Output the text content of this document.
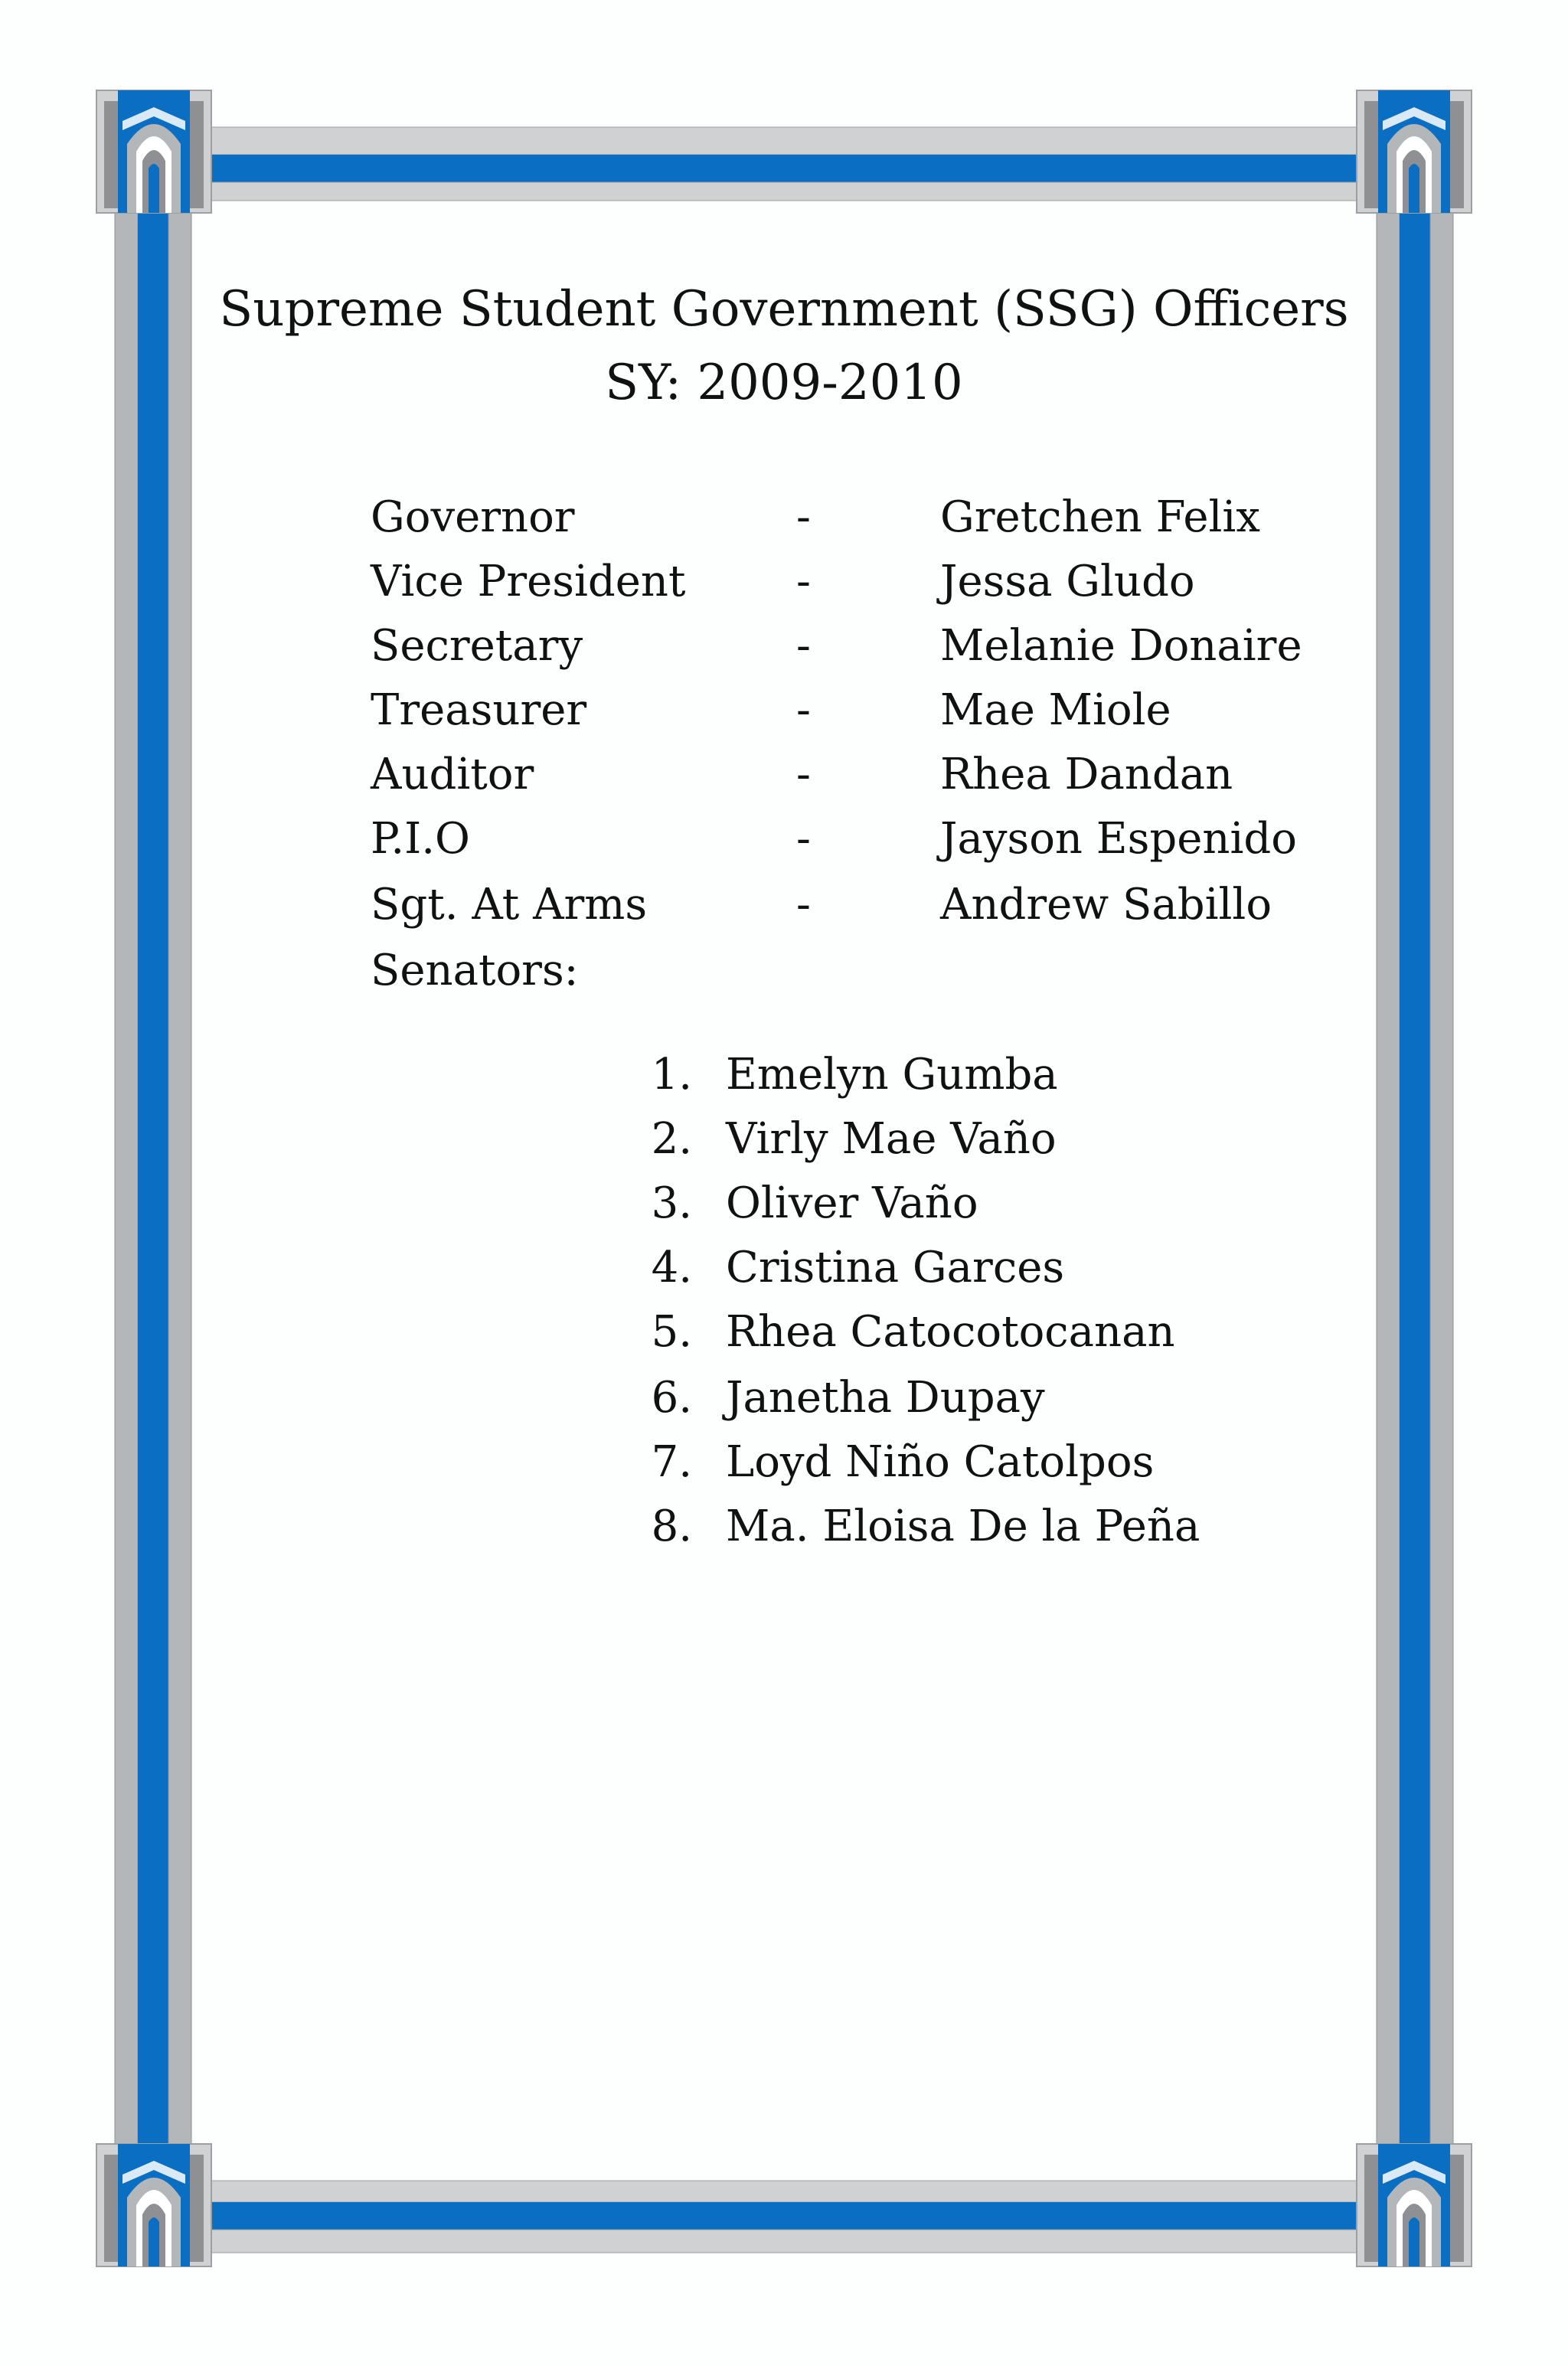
Supreme Student Government (SSG) Officers
SY: 2009-2010
Governor	-	Gretchen Felix
Vice President	-	Jessa Gludo
Secretary	-	Melanie Donaire
Treasurer	-	Mae Miole
Auditor	-	Rhea Dandan
P.I.O	-	Jayson Espenido
Sgt. At Arms	-	Andrew Sabillo
Senators:
1. Emelyn Gumba
2. Virly Mae Vaño
3. Oliver Vaño
4. Cristina Garces
5. Rhea Catocotocanan
6. Janetha Dupay
7. Loyd Niño Catolpos
8. Ma. Eloisa De la Peña
